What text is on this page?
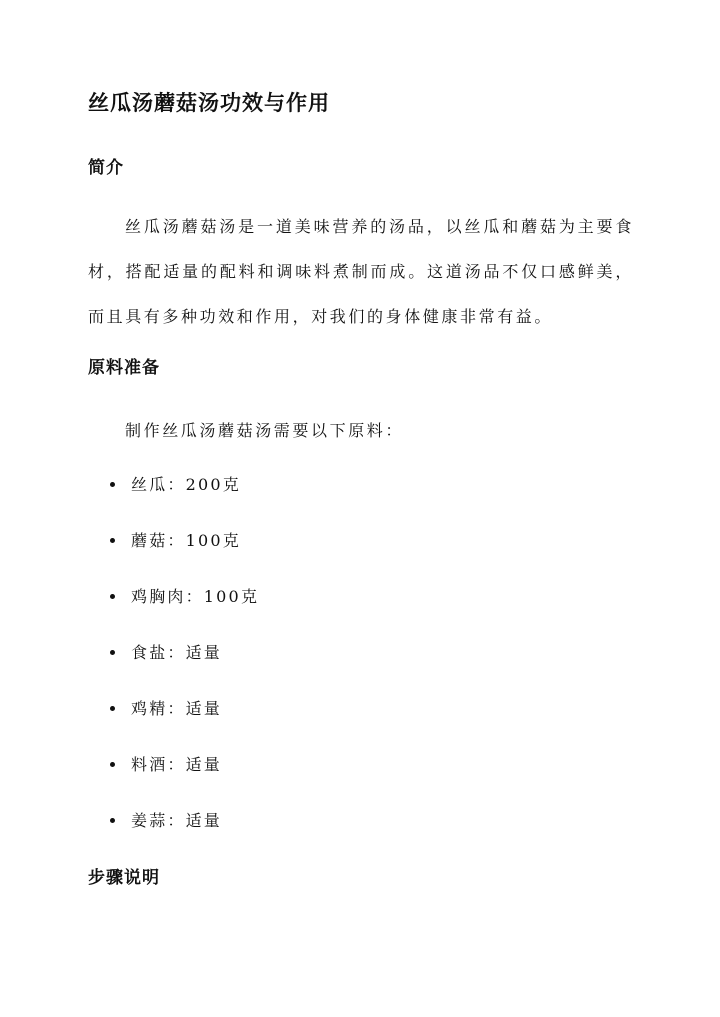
丝瓜汤蘑菇汤功效与作用
简介

丝瓜汤蘑菇汤是一道美味营养的汤品，以丝瓜和蘑菇为主要食材，搭配适量的配料和调味料煮制而成。这道汤品不仅口感鲜美，而且具有多种功效和作用，对我们的身体健康非常有益。

原料准备

制作丝瓜汤蘑菇汤需要以下原料：

丝瓜：200克
蘑菇：100克
鸡胸肉：100克
食盐：适量
鸡精：适量
料酒：适量
姜蒜：适量
步骤说明
